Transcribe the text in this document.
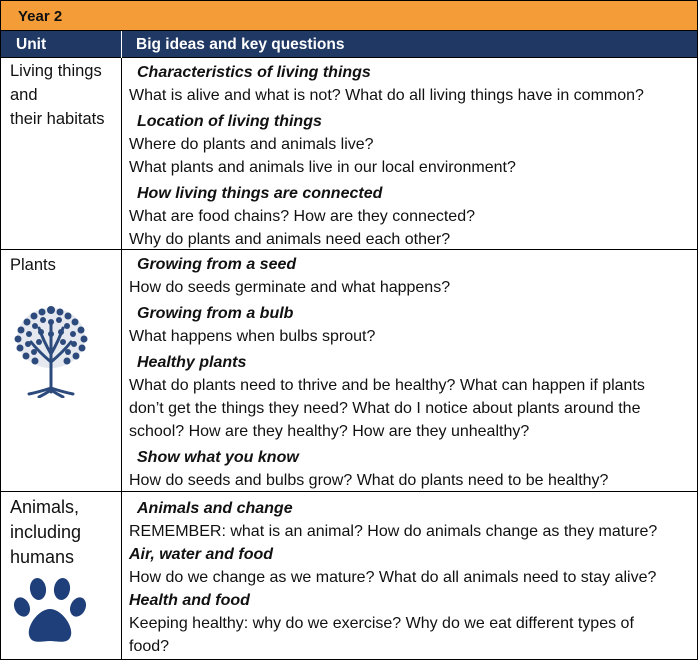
Year 2
Unit	Big ideas and key questions
Living things
and
their habitats
Characteristics of living things
What is alive and what is not? What do all living things have in common?
Location of living things
Where do plants and animals live?
What plants and animals live in our local environment?
How living things are connected
What are food chains? How are they connected?
Why do plants and animals need each other?
Plants	Growing from a seed
How do seeds germinate and what happens?
Growing from a bulb
What happens when bulbs sprout?
Healthy plants
What do plants need to thrive and be healthy? What can happen if plants
don’t get the things they need? What do I notice about plants around the
school? How are they healthy? How are they unhealthy?
Show what you know
How do seeds and bulbs grow? What do plants need to be healthy?
Animals,
including
humans
Animals and change
REMEMBER: what is an animal? How do animals change as they mature?
Air, water and food
How do we change as we mature? What do all animals need to stay alive?
Health and food
Keeping healthy: why do we exercise? Why do we eat different types of
food?
